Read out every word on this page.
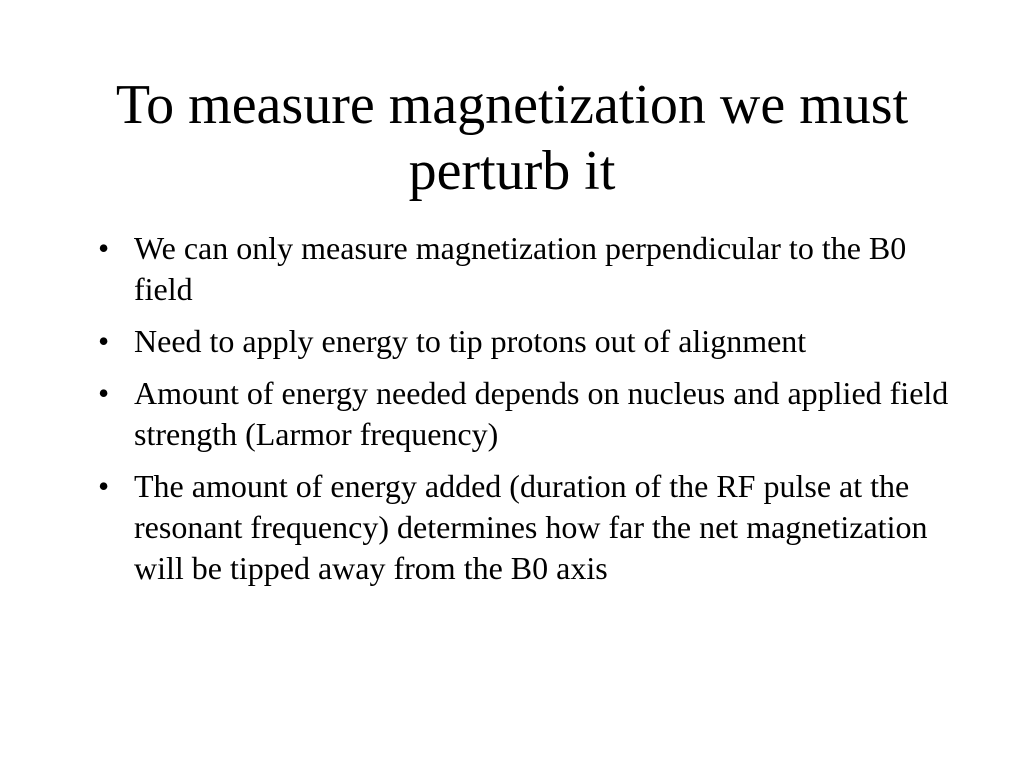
To measure magnetization we must perturb it
• We can only measure magnetization perpendicular to the B0 field
• Need to apply energy to tip protons out of alignment
• Amount of energy needed depends on nucleus and applied field strength (Larmor frequency)
• The amount of energy added (duration of the RF pulse at the resonant frequency) determines how far the net magnetization will be tipped away from the B0 axis
